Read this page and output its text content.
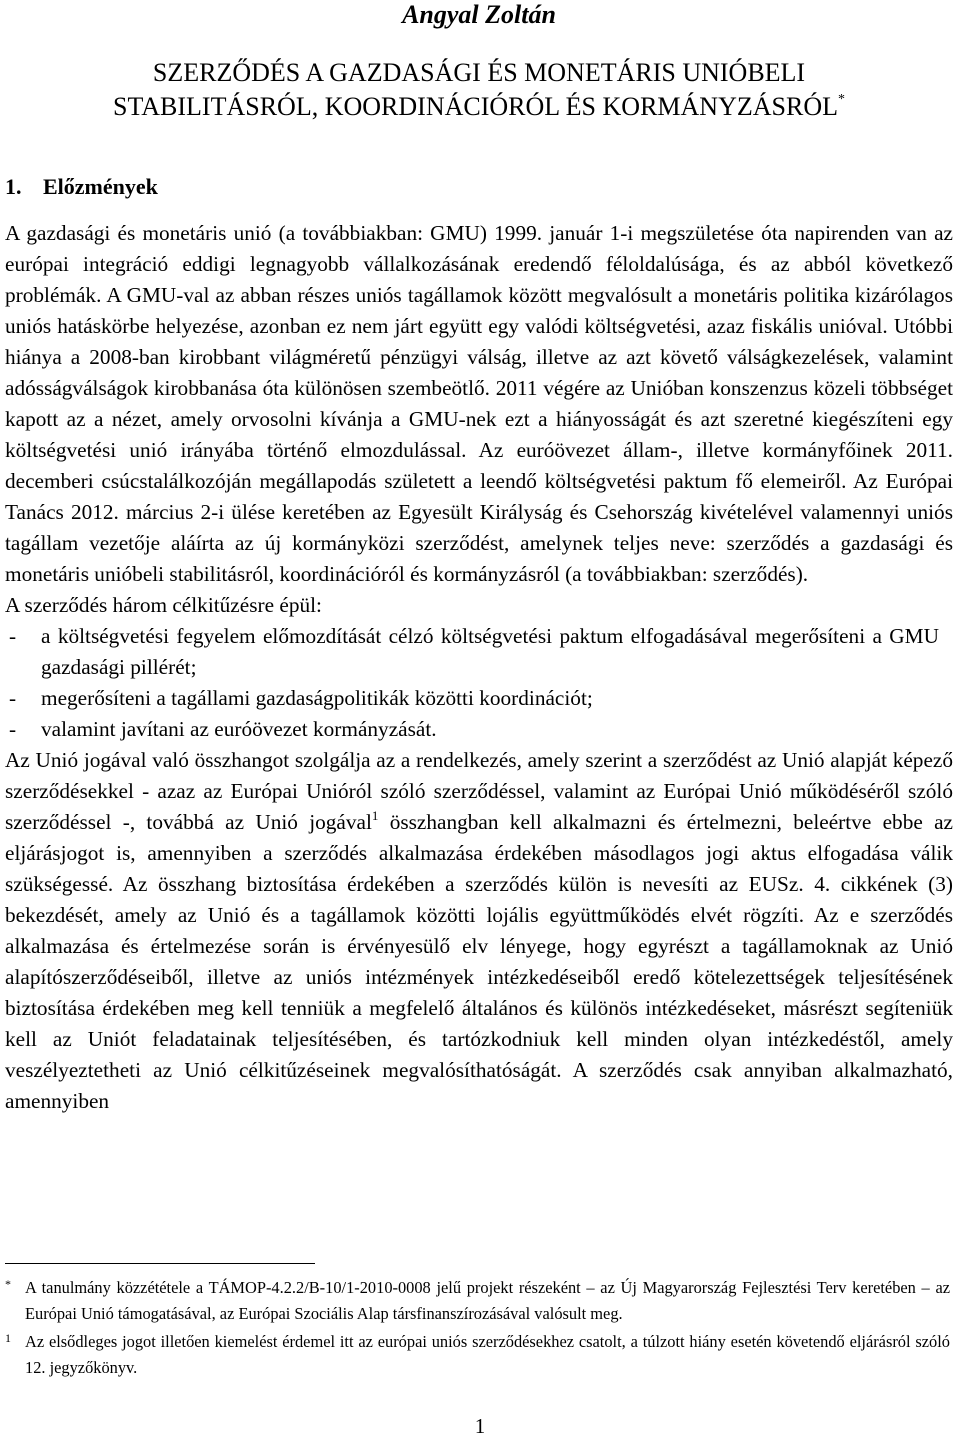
Angyal Zoltán

SZERZŐDÉS A GAZDASÁGI ÉS MONETÁRIS UNIÓBELI
STABILITÁSRÓL, KOORDINÁCIÓRÓL ÉS KORMÁNYZÁSRÓL*
1. Előzmények

A gazdasági és monetáris unió (a továbbiakban: GMU) 1999. január 1-i megszületése óta napirenden van az európai integráció eddigi legnagyobb vállalkozásának eredendő féloldalúsága, és az abból következő problémák. A GMU-val az abban részes uniós tagállamok között megvalósult a monetáris politika kizárólagos uniós hatáskörbe helyezése, azonban ez nem járt együtt egy valódi költségvetési, azaz fiskális unióval. Utóbbi hiánya a 2008-ban kirobbant világméretű pénzügyi válság, illetve az azt követő válságkezelések, valamint adósságválságok kirobbanása óta különösen szembeötlő. 2011 végére az Unióban konszenzus közeli többséget kapott az a nézet, amely orvosolni kívánja a GMU-nek ezt a hiányosságát és azt szeretné kiegészíteni egy költségvetési unió irányába történő elmozdulással. Az euróövezet állam-, illetve kormányfőinek 2011. decemberi csúcstalálkozóján megállapodás született a leendő költségvetési paktum fő elemeiről. Az Európai Tanács 2012. március 2-i ülése keretében az Egyesült Királyság és Csehország kivételével valamennyi uniós tagállam vezetője aláírta az új kormányközi szerződést, amelynek teljes neve: szerződés a gazdasági és monetáris unióbeli stabilitásról, koordinációról és kormányzásról (a továbbiakban: szerződés).

A szerződés három célkitűzésre épül:

-	a költségvetési fegyelem előmozdítását célzó költségvetési paktum elfogadásával megerősíteni a GMU gazdasági pillérét;
-	megerősíteni a tagállami gazdaságpolitikák közötti koordinációt;
-	valamint javítani az euróövezet kormányzását.

Az Unió jogával való összhangot szolgálja az a rendelkezés, amely szerint a szerződést az Unió alapját képező szerződésekkel - azaz az Európai Unióról szóló szerződéssel, valamint az Európai Unió működéséről szóló szerződéssel -, továbbá az Unió jogával$^1$ összhangban kell alkalmazni és értelmezni, beleértve ebbe az eljárásjogot is, amennyiben a szerződés alkalmazása érdekében másodlagos jogi aktus elfogadása válik szükségessé. Az összhang biztosítása érdekében a szerződés külön is nevesíti az EUSz. 4. cikkének (3) bekezdését, amely az Unió és a tagállamok közötti lojális együttműködés elvét rögzíti. Az e szerződés alkalmazása és értelmezése során is érvényesülő elv lényege, hogy egyrészt a tagállamoknak az Unió alapítószerződéseiből, illetve az uniós intézmények intézkedéseiből eredő kötelezettségek teljesítésének biztosítása érdekében meg kell tenniük a megfelelő általános és különös intézkedéseket, másrészt segíteniük kell az Uniót feladatainak teljesítésében, és tartózkodniuk kell minden olyan intézkedéstől, amely veszélyeztetheti az Unió célkitűzéseinek megvalósíthatóságát. A szerződés csak annyiban alkalmazható, amennyiben

* A tanulmány közzététele a TÁMOP-4.2.2/B-10/1-2010-0008 jelű projekt részeként – az Új Magyarország Fejlesztési Terv keretében – az Európai Unió támogatásával, az Európai Szociális Alap társfinanszírozásával valósult meg.
1 Az elsődleges jogot illetően kiemelést érdemel itt az európai uniós szerződésekhez csatolt, a túlzott hiány esetén követendő eljárásról szóló 12. jegyzőkönyv.
1
